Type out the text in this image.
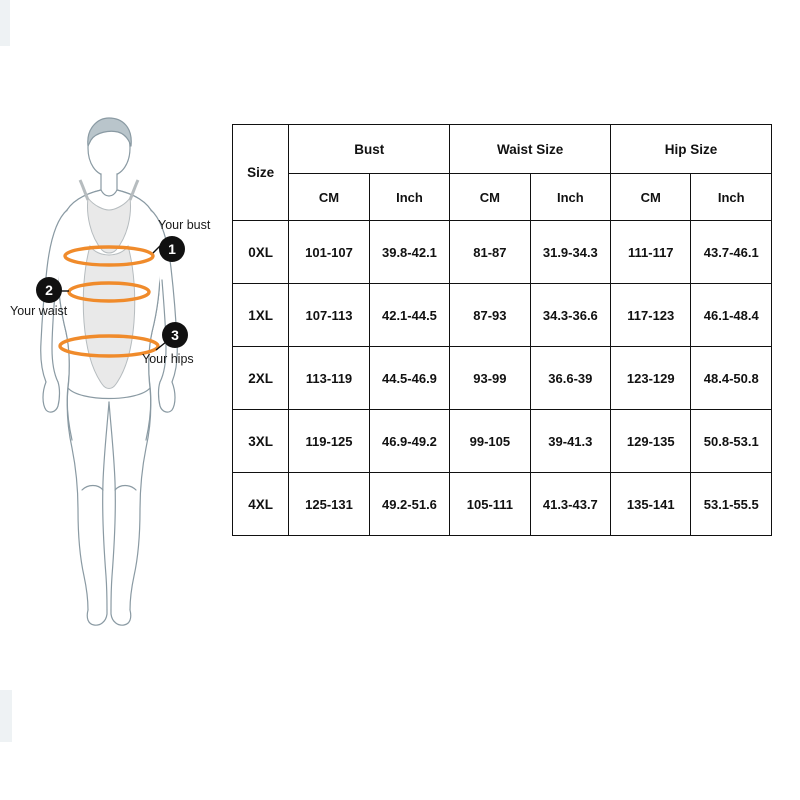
1
Your bust
2
Your waist
3
Your hips
Size	Bust		Waist Size		Hip Size	
	CM	Inch	CM	Inch	CM	Inch
0XL	101-107	39.8-42.1	81-87	31.9-34.3	111-117	43.7-46.1
1XL	107-113	42.1-44.5	87-93	34.3-36.6	117-123	46.1-48.4
2XL	113-119	44.5-46.9	93-99	36.6-39	123-129	48.4-50.8
3XL	119-125	46.9-49.2	99-105	39-41.3	129-135	50.8-53.1
4XL	125-131	49.2-51.6	105-111	41.3-43.7	135-141	53.1-55.5
